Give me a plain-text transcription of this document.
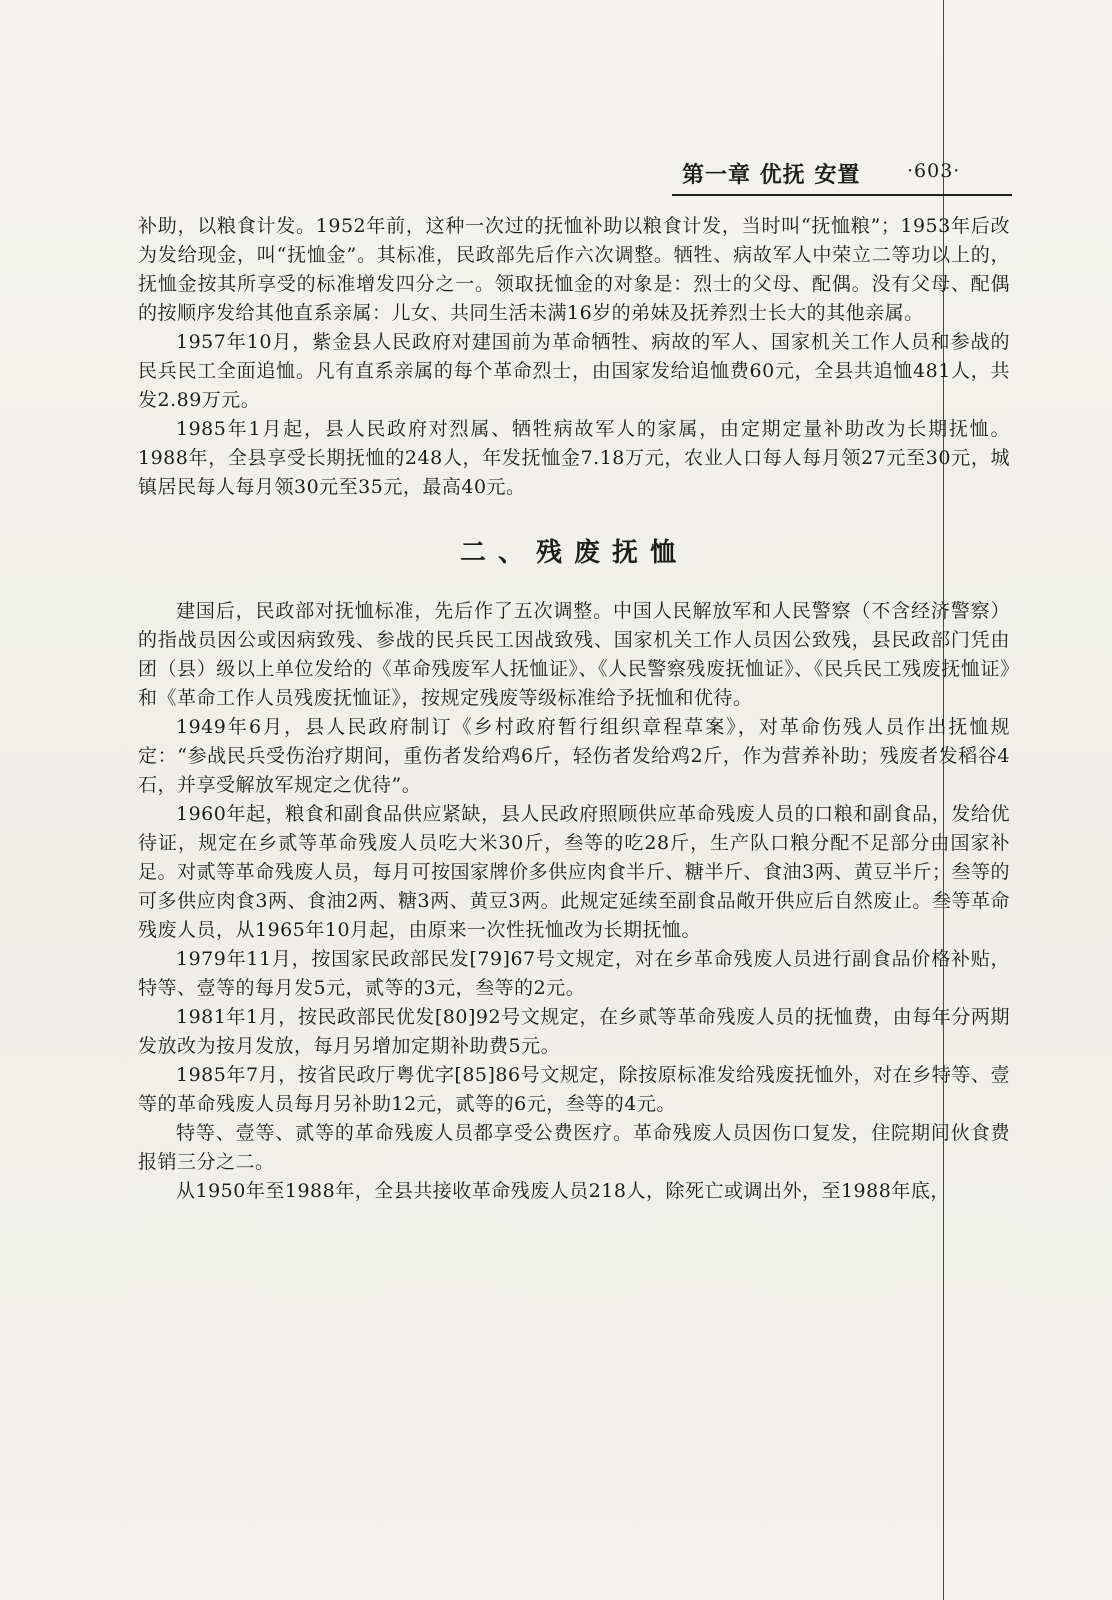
第一章 优抚 安置 ·603·

补助，以粮食计发。1952年前，这种一次过的抚恤补助以粮食计发，当时叫“抚恤粮”；1953年后改为发给现金，叫“抚恤金”。其标准，民政部先后作六次调整。牺牲、病故军人中荣立二等功以上的，抚恤金按其所享受的标准增发四分之一。领取抚恤金的对象是：烈士的父母、配偶。没有父母、配偶的按顺序发给其他直系亲属：儿女、共同生活未满16岁的弟妹及抚养烈士长大的其他亲属。

1957年10月，紫金县人民政府对建国前为革命牺牲、病故的军人、国家机关工作人员和参战的民兵民工全面追恤。凡有直系亲属的每个革命烈士，由国家发给追恤费60元，全县共追恤481人，共发2.89万元。

1985年1月起，县人民政府对烈属、牺牲病故军人的家属，由定期定量补助改为长期抚恤。1988年，全县享受长期抚恤的248人，年发抚恤金7.18万元，农业人口每人每月领27元至30元，城镇居民每人每月领30元至35元，最高40元。

二、残废抚恤

建国后，民政部对抚恤标准，先后作了五次调整。中国人民解放军和人民警察（不含经济警察）的指战员因公或因病致残、参战的民兵民工因战致残、国家机关工作人员因公致残，县民政部门凭由团（县）级以上单位发给的《革命残废军人抚恤证》、《人民警察残废抚恤证》、《民兵民工残废抚恤证》和《革命工作人员残废抚恤证》，按规定残废等级标准给予抚恤和优待。

1949年6月，县人民政府制订《乡村政府暂行组织章程草案》，对革命伤残人员作出抚恤规定：“参战民兵受伤治疗期间，重伤者发给鸡6斤，轻伤者发给鸡2斤，作为营养补助；残废者发稻谷4石，并享受解放军规定之优待”。

1960年起，粮食和副食品供应紧缺，县人民政府照顾供应革命残废人员的口粮和副食品，发给优待证，规定在乡贰等革命残废人员吃大米30斤，叁等的吃28斤，生产队口粮分配不足部分由国家补足。对贰等革命残废人员，每月可按国家牌价多供应肉食半斤、糖半斤、食油3两、黄豆半斤；叁等的可多供应肉食3两、食油2两、糖3两、黄豆3两。此规定延续至副食品敞开供应后自然废止。叁等革命残废人员，从1965年10月起，由原来一次性抚恤改为长期抚恤。

1979年11月，按国家民政部民发[79]67号文规定，对在乡革命残废人员进行副食品价格补贴，特等、壹等的每月发5元，贰等的3元，叁等的2元。

1981年1月，按民政部民优发[80]92号文规定，在乡贰等革命残废人员的抚恤费，由每年分两期发放改为按月发放，每月另增加定期补助费5元。

1985年7月，按省民政厅粤优字[85]86号文规定，除按原标准发给残废抚恤外，对在乡特等、壹等的革命残废人员每月另补助12元，贰等的6元，叁等的4元。

特等、壹等、贰等的革命残废人员都享受公费医疗。革命残废人员因伤口复发，住院期间伙食费报销三分之二。

从1950年至1988年，全县共接收革命残废人员218人，除死亡或调出外，至1988年底，
